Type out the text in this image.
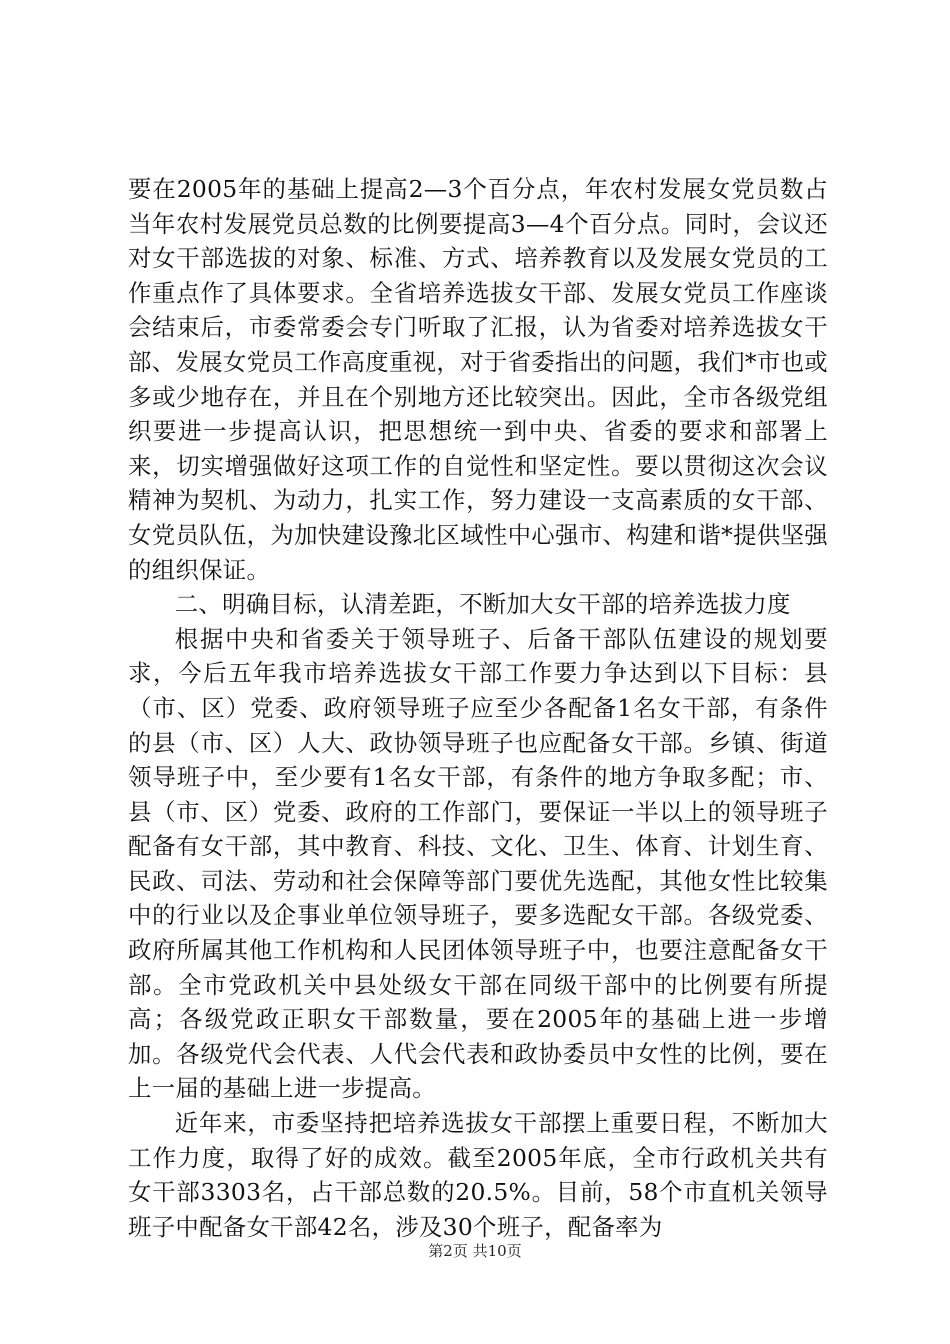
要在2005年的基础上提高2—3个百分点，年农村发展女党员数占当年农村发展党员总数的比例要提高3—4个百分点。同时，会议还对女干部选拔的对象、标准、方式、培养教育以及发展女党员的工作重点作了具体要求。全省培养选拔女干部、发展女党员工作座谈会结束后，市委常委会专门听取了汇报，认为省委对培养选拔女干部、发展女党员工作高度重视，对于省委指出的问题，我们*市也或多或少地存在，并且在个别地方还比较突出。因此，全市各级党组织要进一步提高认识，把思想统一到中央、省委的要求和部署上来，切实增强做好这项工作的自觉性和坚定性。要以贯彻这次会议精神为契机、为动力，扎实工作，努力建设一支高素质的女干部、女党员队伍，为加快建设豫北区域性中心强市、构建和谐*提供坚强的组织保证。

二、明确目标，认清差距，不断加大女干部的培养选拔力度

根据中央和省委关于领导班子、后备干部队伍建设的规划要求，今后五年我市培养选拔女干部工作要力争达到以下目标：县（市、区）党委、政府领导班子应至少各配备1名女干部，有条件的县（市、区）人大、政协领导班子也应配备女干部。乡镇、街道领导班子中，至少要有1名女干部，有条件的地方争取多配；市、县（市、区）党委、政府的工作部门，要保证一半以上的领导班子配备有女干部，其中教育、科技、文化、卫生、体育、计划生育、民政、司法、劳动和社会保障等部门要优先选配，其他女性比较集中的行业以及企事业单位领导班子，要多选配女干部。各级党委、政府所属其他工作机构和人民团体领导班子中，也要注意配备女干部。全市党政机关中县处级女干部在同级干部中的比例要有所提高；各级党政正职女干部数量，要在2005年的基础上进一步增加。各级党代会代表、人代会代表和政协委员中女性的比例，要在上一届的基础上进一步提高。

近年来，市委坚持把培养选拔女干部摆上重要日程，不断加大工作力度，取得了好的成效。截至2005年底，全市行政机关共有女干部3303名，占干部总数的20.5%。目前，58个市直机关领导班子中配备女干部42名，涉及30个班子，配备率为

第2页 共10页
